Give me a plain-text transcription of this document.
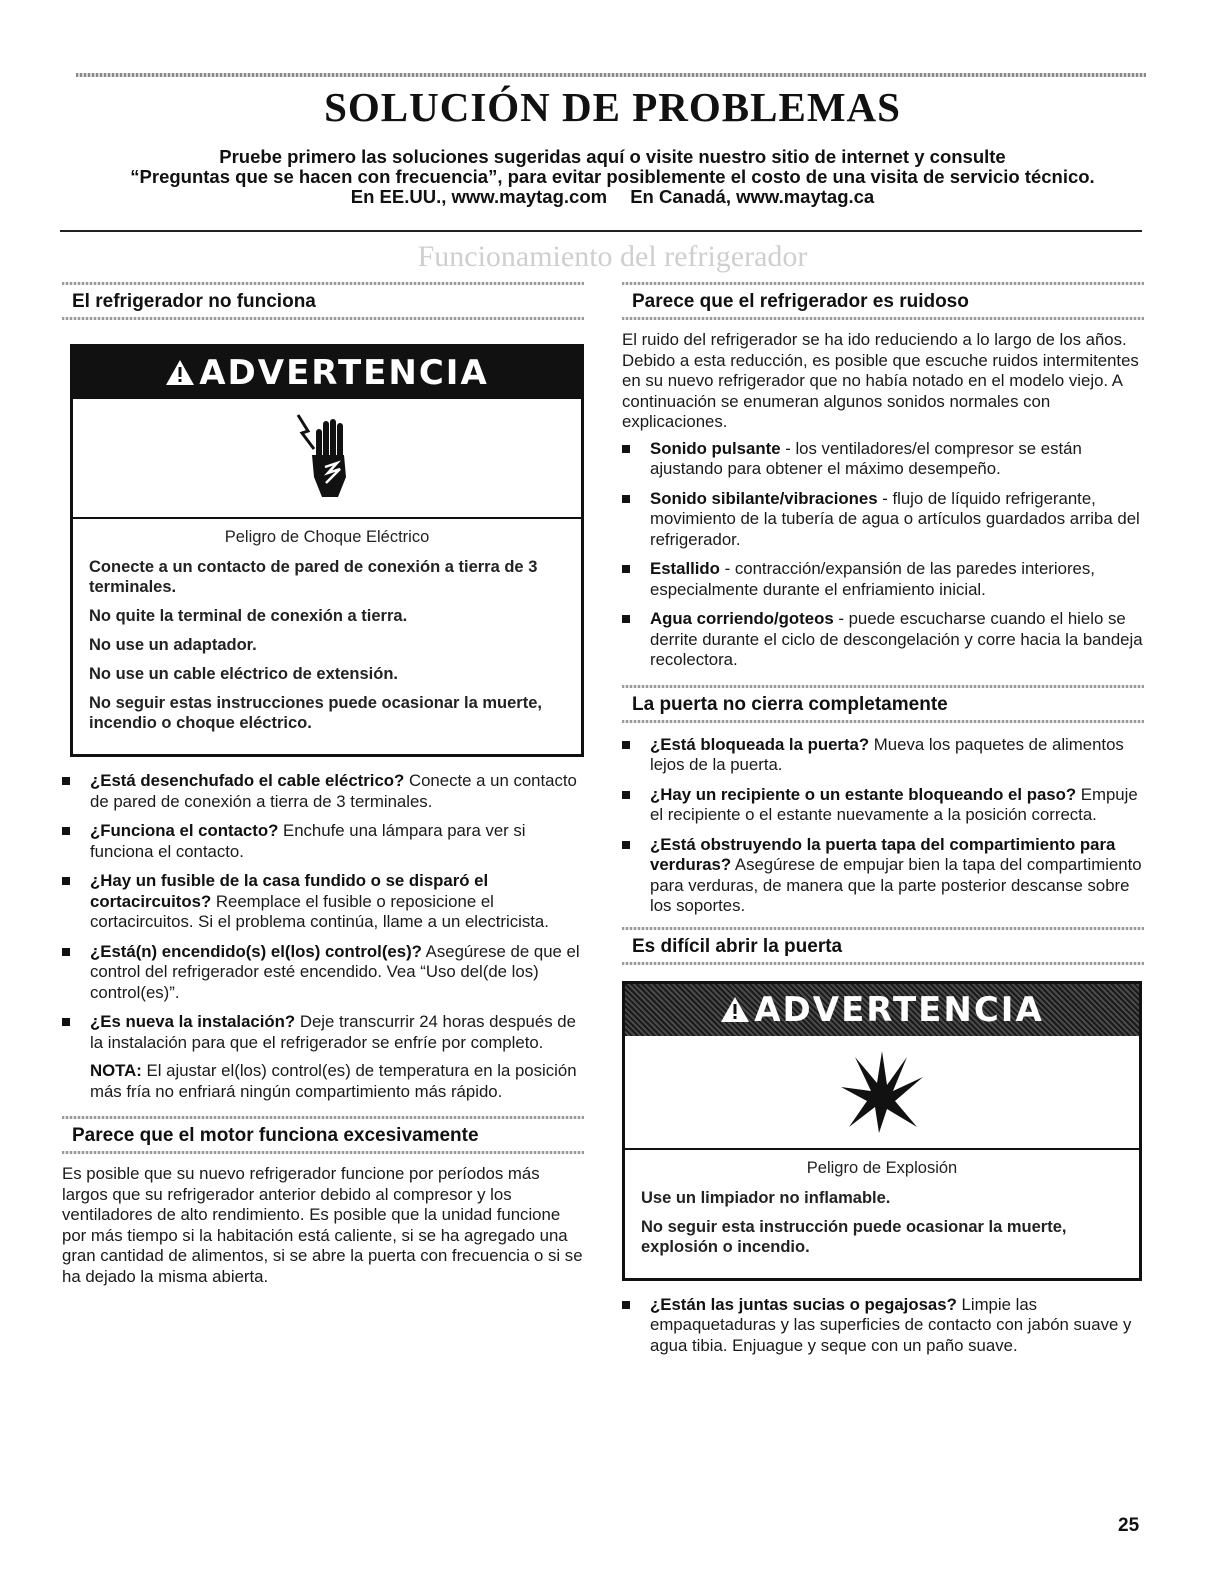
SOLUCIÓN DE PROBLEMAS
Pruebe primero las soluciones sugeridas aquí o visite nuestro sitio de internet y consulte
“Preguntas que se hacen con frecuencia”, para evitar posiblemente el costo de una visita de servicio técnico.
En EE.UU., www.maytag.com En Canadá, www.maytag.ca
Funcionamiento del refrigerador
El refrigerador no funciona
ADVERTENCIA
Peligro de Choque Eléctrico

Conecte a un contacto de pared de conexión a tierra de 3 terminales.

No quite la terminal de conexión a tierra.

No use un adaptador.

No use un cable eléctrico de extensión.

No seguir estas instrucciones puede ocasionar la muerte, incendio o choque eléctrico.

¿Está desenchufado el cable eléctrico? Conecte a un contacto de pared de conexión a tierra de 3 terminales.
¿Funciona el contacto? Enchufe una lámpara para ver si funciona el contacto.
¿Hay un fusible de la casa fundido o se disparó el cortacircuitos? Reemplace el fusible o reposicione el cortacircuitos. Si el problema continúa, llame a un electricista.
¿Está(n) encendido(s) el(los) control(es)? Asegúrese de que el control del refrigerador esté encendido. Vea “Uso del(de los) control(es)”.
¿Es nueva la instalación? Deje transcurrir 24 horas después de la instalación para que el refrigerador se enfríe por completo.
NOTA: El ajustar el(los) control(es) de temperatura en la posición más fría no enfriará ningún compartimiento más rápido.
Parece que el motor funciona excesivamente

Es posible que su nuevo refrigerador funcione por períodos más largos que su refrigerador anterior debido al compresor y los ventiladores de alto rendimiento. Es posible que la unidad funcione por más tiempo si la habitación está caliente, si se ha agregado una gran cantidad de alimentos, si se abre la puerta con frecuencia o si se ha dejado la misma abierta.

Parece que el refrigerador es ruidoso

El ruido del refrigerador se ha ido reduciendo a lo largo de los años. Debido a esta reducción, es posible que escuche ruidos intermitentes en su nuevo refrigerador que no había notado en el modelo viejo. A continuación se enumeran algunos sonidos normales con explicaciones.

Sonido pulsante - los ventiladores/el compresor se están ajustando para obtener el máximo desempeño.
Sonido sibilante/vibraciones - flujo de líquido refrigerante, movimiento de la tubería de agua o artículos guardados arriba del refrigerador.
Estallido - contracción/expansión de las paredes interiores, especialmente durante el enfriamiento inicial.
Agua corriendo/goteos - puede escucharse cuando el hielo se derrite durante el ciclo de descongelación y corre hacia la bandeja recolectora.
La puerta no cierra completamente
¿Está bloqueada la puerta? Mueva los paquetes de alimentos lejos de la puerta.
¿Hay un recipiente o un estante bloqueando el paso? Empuje el recipiente o el estante nuevamente a la posición correcta.
¿Está obstruyendo la puerta tapa del compartimiento para verduras? Asegúrese de empujar bien la tapa del compartimiento para verduras, de manera que la parte posterior descanse sobre los soportes.
Es difícil abrir la puerta
ADVERTENCIA
Peligro de Explosión

Use un limpiador no inflamable.

No seguir esta instrucción puede ocasionar la muerte, explosión o incendio.

¿Están las juntas sucias o pegajosas? Limpie las empaquetaduras y las superficies de contacto con jabón suave y agua tibia. Enjuague y seque con un paño suave.
25
